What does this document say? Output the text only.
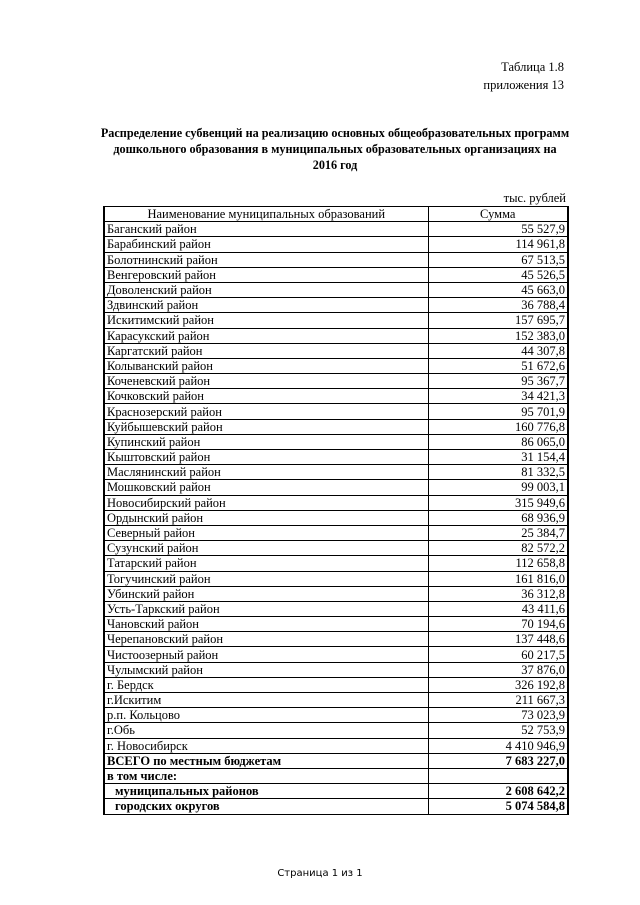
Таблица 1.8
приложения 13
Распределение субвенций на реализацию основных общеобразовательных программ дошкольного образования в муниципальных образовательных организациях на 2016 год
тыс. рублей
Наименование муниципальных образований	Сумма
Баганский район	55 527,9
Барабинский район	114 961,8
Болотнинский район	67 513,5
Венгеровский район	45 526,5
Доволенский район	45 663,0
Здвинский район	36 788,4
Искитимский район	157 695,7
Карасукский район	152 383,0
Каргатский район	44 307,8
Колыванский район	51 672,6
Коченевский район	95 367,7
Кочковский район	34 421,3
Краснозерский район	95 701,9
Куйбышевский район	160 776,8
Купинский район	86 065,0
Кыштовский район	31 154,4
Маслянинский район	81 332,5
Мошковский район	99 003,1
Новосибирский район	315 949,6
Ордынский район	68 936,9
Северный район	25 384,7
Сузунский район	82 572,2
Татарский район	112 658,8
Тогучинский район	161 816,0
Убинский район	36 312,8
Усть-Таркский район	43 411,6
Чановский район	70 194,6
Черепановский район	137 448,6
Чистоозерный район	60 217,5
Чулымский район	37 876,0
г. Бердск	326 192,8
г.Искитим	211 667,3
р.п. Кольцово	73 023,9
г.Обь	52 753,9
г. Новосибирск	4 410 946,9
ВСЕГО по местным бюджетам	7 683 227,0
в том числе:	
муниципальных районов	2 608 642,2
городских округов	5 074 584,8
Страница 1 из 1
